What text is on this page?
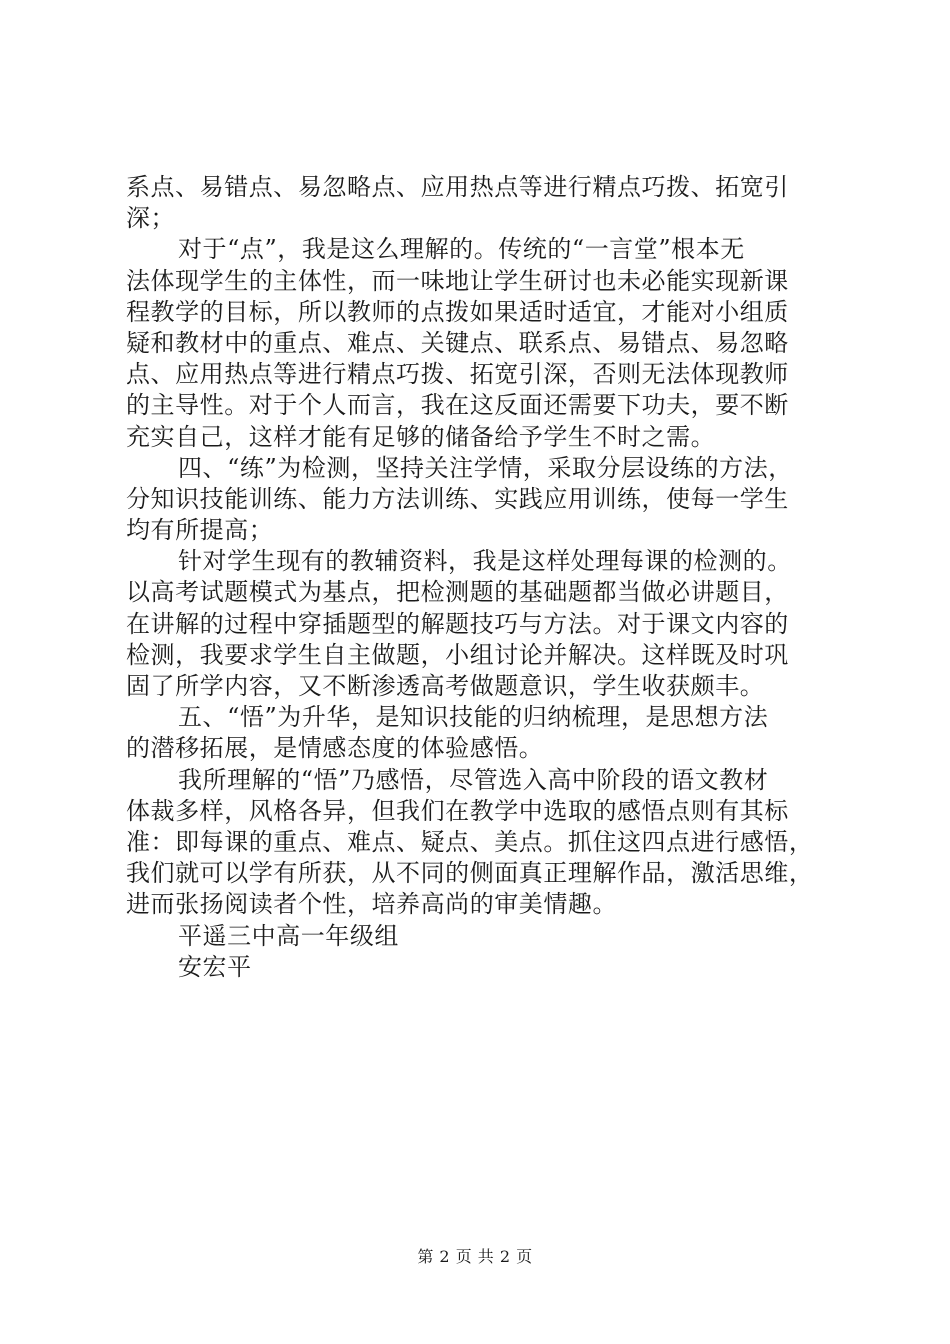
系点、易错点、易忽略点、应用热点等进行精点巧拨、拓宽引
深；
对于“点”，我是这么理解的。传统的“一言堂”根本无
法体现学生的主体性，而一味地让学生研讨也未必能实现新课
程教学的目标，所以教师的点拨如果适时适宜，才能对小组质
疑和教材中的重点、难点、关键点、联系点、易错点、易忽略
点、应用热点等进行精点巧拨、拓宽引深，否则无法体现教师
的主导性。对于个人而言，我在这反面还需要下功夫，要不断
充实自己，这样才能有足够的储备给予学生不时之需。
四、“练”为检测，坚持关注学情，采取分层设练的方法，
分知识技能训练、能力方法训练、实践应用训练，使每一学生
均有所提高；
针对学生现有的教辅资料，我是这样处理每课的检测的。
以高考试题模式为基点，把检测题的基础题都当做必讲题目，
在讲解的过程中穿插题型的解题技巧与方法。对于课文内容的
检测，我要求学生自主做题，小组讨论并解决。这样既及时巩
固了所学内容，又不断渗透高考做题意识，学生收获颇丰。
五、“悟”为升华，是知识技能的归纳梳理，是思想方法
的潜移拓展，是情感态度的体验感悟。
我所理解的“悟”乃感悟，尽管选入高中阶段的语文教材
体裁多样，风格各异，但我们在教学中选取的感悟点则有其标
准：即每课的重点、难点、疑点、美点。抓住这四点进行感悟，
我们就可以学有所获，从不同的侧面真正理解作品，激活思维，
进而张扬阅读者个性，培养高尚的审美情趣。
平遥三中高一年级组
安宏平
第 2 页 共 2 页
